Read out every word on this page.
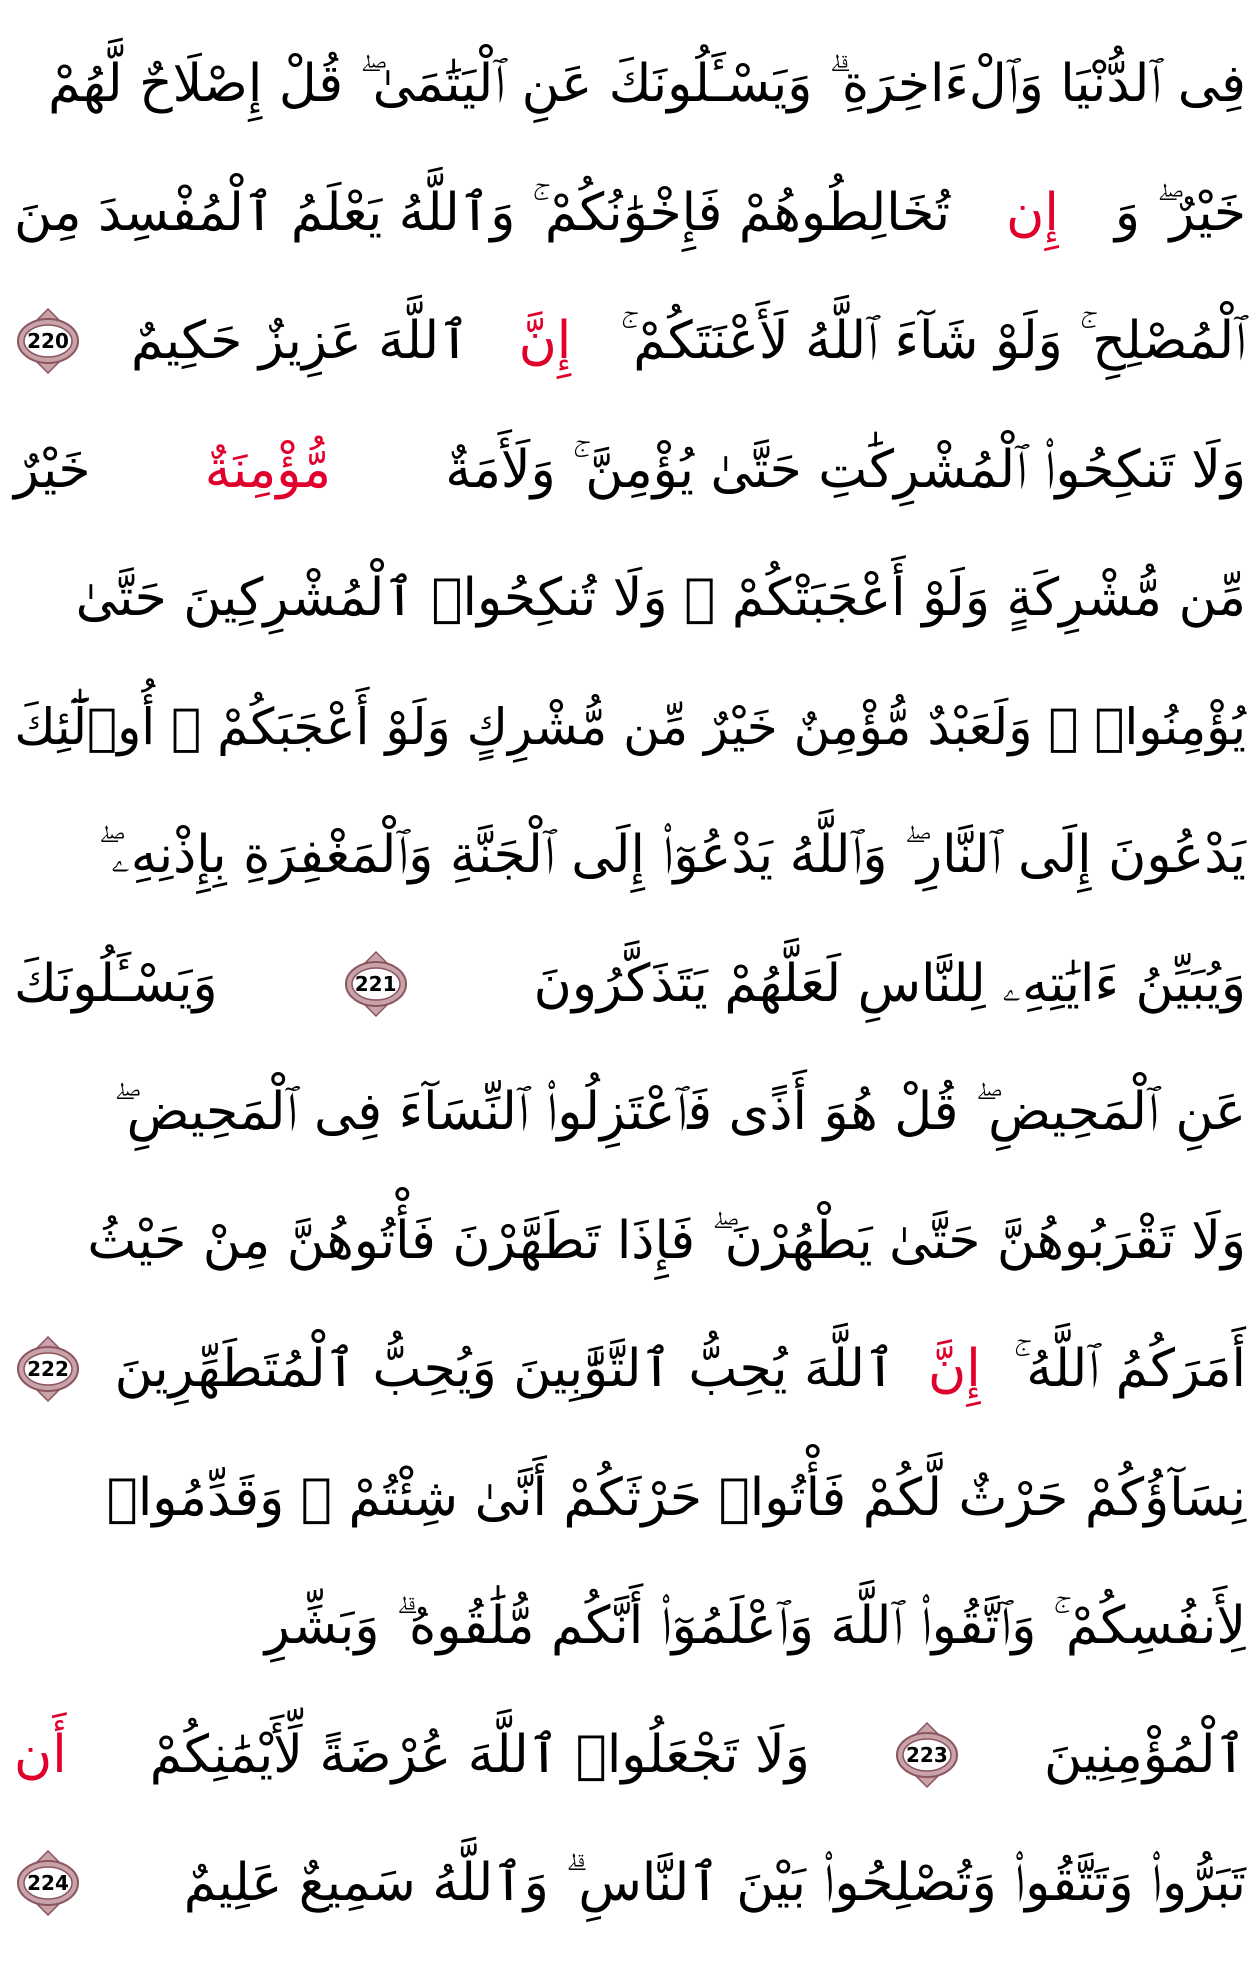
فِى ٱلدُّنْيَا وَٱلْءَاخِرَةِ ۗ وَيَسْـَٔلُونَكَ عَنِ ٱلْيَتَٰمَىٰ ۖ قُلْ إِصْلَاحٌ لَّهُمْ
خَيْرٌ ۖ وَ
إِن
تُخَالِطُوهُمْ فَإِخْوَٰنُكُمْ ۚ وَٱللَّهُ يَعْلَمُ ٱلْمُفْسِدَ مِنَ
ٱلْمُصْلِحِ ۚ وَلَوْ شَآءَ ٱللَّهُ لَأَعْنَتَكُمْ ۚ
إِنَّ
ٱللَّهَ عَزِيزٌ حَكِيمٌ
220
وَلَا تَنكِحُوا۟ ٱلْمُشْرِكَٰتِ حَتَّىٰ يُؤْمِنَّ ۚ وَلَأَمَةٌ
مُّؤْمِنَةٌ
خَيْرٌ
مِّن مُّشْرِكَةٍ وَلَوْ أَعْجَبَتْكُمْ ۗ وَلَا تُنكِحُوا۟ ٱلْمُشْرِكِينَ حَتَّىٰ
يُؤْمِنُوا۟ ۚ وَلَعَبْدٌ مُّؤْمِنٌ خَيْرٌ مِّن مُّشْرِكٍ وَلَوْ أَعْجَبَكُمْ ۗ أُو۟لَٰٓئِكَ
يَدْعُونَ إِلَى ٱلنَّارِ ۖ وَٱللَّهُ يَدْعُوٓا۟ إِلَى ٱلْجَنَّةِ وَٱلْمَغْفِرَةِ بِإِذْنِهِۦ ۖ
وَيُبَيِّنُ ءَايَٰتِهِۦ لِلنَّاسِ لَعَلَّهُمْ يَتَذَكَّرُونَ
221
وَيَسْـَٔلُونَكَ
عَنِ ٱلْمَحِيضِ ۖ قُلْ هُوَ أَذًى فَٱعْتَزِلُوا۟ ٱلنِّسَآءَ فِى ٱلْمَحِيضِ ۖ
وَلَا تَقْرَبُوهُنَّ حَتَّىٰ يَطْهُرْنَ ۖ فَإِذَا تَطَهَّرْنَ فَأْتُوهُنَّ مِنْ حَيْثُ
أَمَرَكُمُ ٱللَّهُ ۚ
إِنَّ
ٱللَّهَ يُحِبُّ ٱلتَّوَّٰبِينَ وَيُحِبُّ ٱلْمُتَطَهِّرِينَ
222
نِسَآؤُكُمْ حَرْثٌ لَّكُمْ فَأْتُوا۟ حَرْثَكُمْ أَنَّىٰ شِئْتُمْ ۖ وَقَدِّمُوا۟
لِأَنفُسِكُمْ ۚ وَٱتَّقُوا۟ ٱللَّهَ وَٱعْلَمُوٓا۟ أَنَّكُم مُّلَٰقُوهُ ۗ وَبَشِّرِ
ٱلْمُؤْمِنِينَ
223
وَلَا تَجْعَلُوا۟ ٱللَّهَ عُرْضَةً لِّأَيْمَٰنِكُمْ
أَن
تَبَرُّوا۟ وَتَتَّقُوا۟ وَتُصْلِحُوا۟ بَيْنَ ٱلنَّاسِ ۗ وَٱللَّهُ سَمِيعٌ عَلِيمٌ
224
